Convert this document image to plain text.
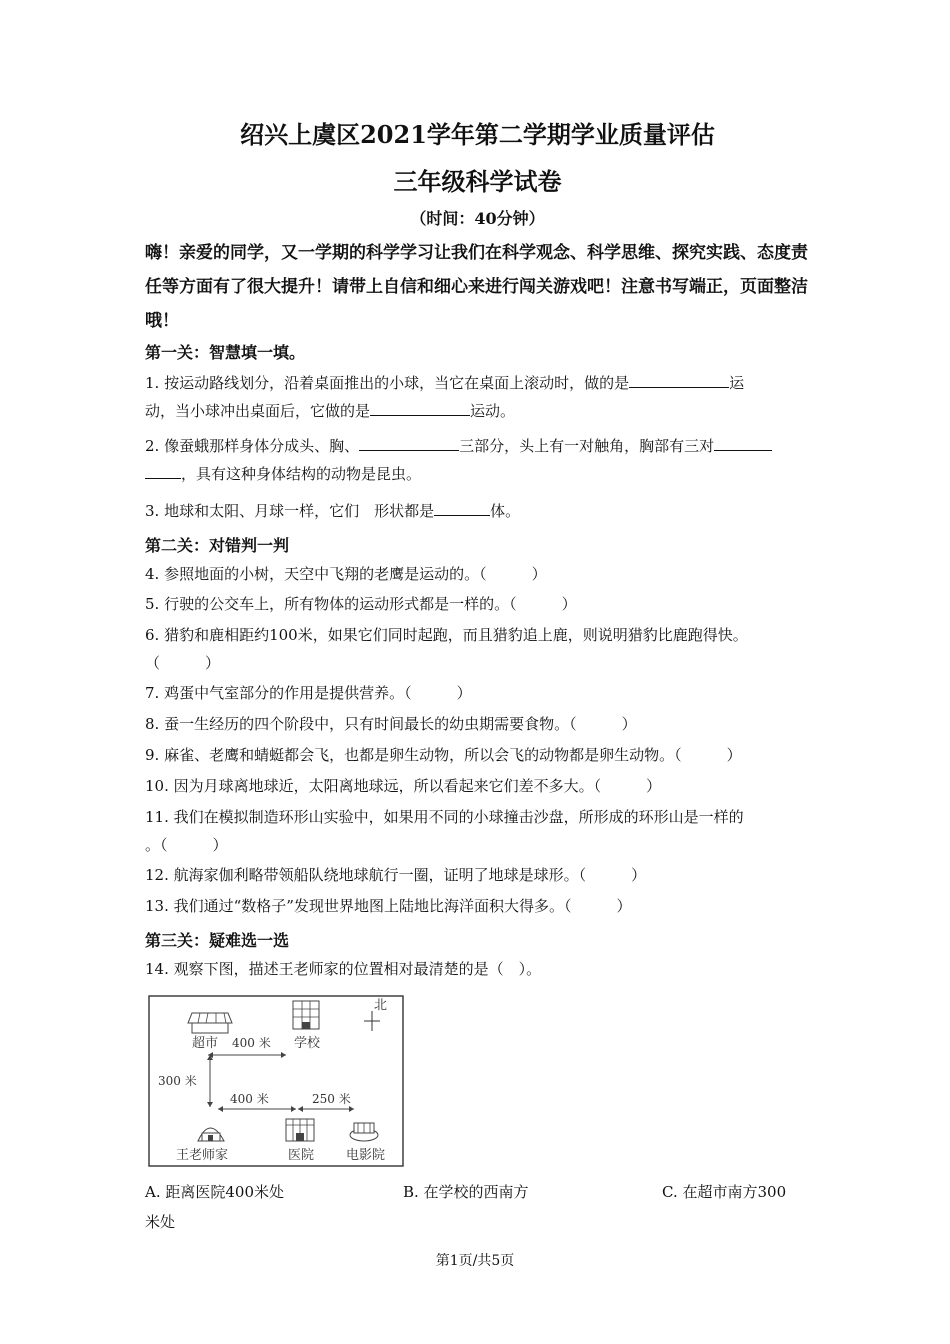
绍兴上虞区2021学年第二学期学业质量评估
三年级科学试卷
（时间：40分钟）
嗨！亲爱的同学，又一学期的科学学习让我们在科学观念、科学思维、探究实践、态度责任等方面有了很大提升！请带上自信和细心来进行闯关游戏吧！注意书写端正，页面整洁哦！
第一关：智慧填一填。
1. 按运动路线划分，沿着桌面推出的小球，当它在桌面上滚动时，做的是	运
动，当小球冲出桌面后，它做的是	运动。
2. 像蚕蛾那样身体分成头、胸、	三部分，头上有一对触角，胸部有三对
，具有这种身体结构的动物是昆虫。
3. 地球和太阳、月球一样，它们　形状都是	体。
第二关：对错判一判
4. 参照地面的小树，天空中飞翔的老鹰是运动的。（　　　）
5. 行驶的公交车上，所有物体的运动形式都是一样的。（　　　）
6. 猎豹和鹿相距约100米，如果它们同时起跑，而且猎豹追上鹿，则说明猎豹比鹿跑得快。
（　　　）
7. 鸡蛋中气室部分的作用是提供营养。（　　　）
8. 蚕一生经历的四个阶段中，只有时间最长的幼虫期需要食物。（　　　）
9. 麻雀、老鹰和蜻蜓都会飞，也都是卵生动物，所以会飞的动物都是卵生动物。（　　　）
10. 因为月球离地球近，太阳离地球远，所以看起来它们差不多大。（　　　）
11. 我们在模拟制造环形山实验中，如果用不同的小球撞击沙盘，所形成的环形山是一样的
。（　　　）
12. 航海家伽利略带领船队绕地球航行一圈，证明了地球是球形。（　　　）
13. 我们通过“数格子”发现世界地图上陆地比海洋面积大得多。（　　　）
第三关：疑难选一选
14. 观察下图，描述王老师家的位置相对最清楚的是（　）。
北
超市	学校
400 米
300 米
400 米	250 米
王老师家	医院 电影院
A. 距离医院400米处	B. 在学校的西南方	C. 在超市南方300
米处
第1页/共5页
